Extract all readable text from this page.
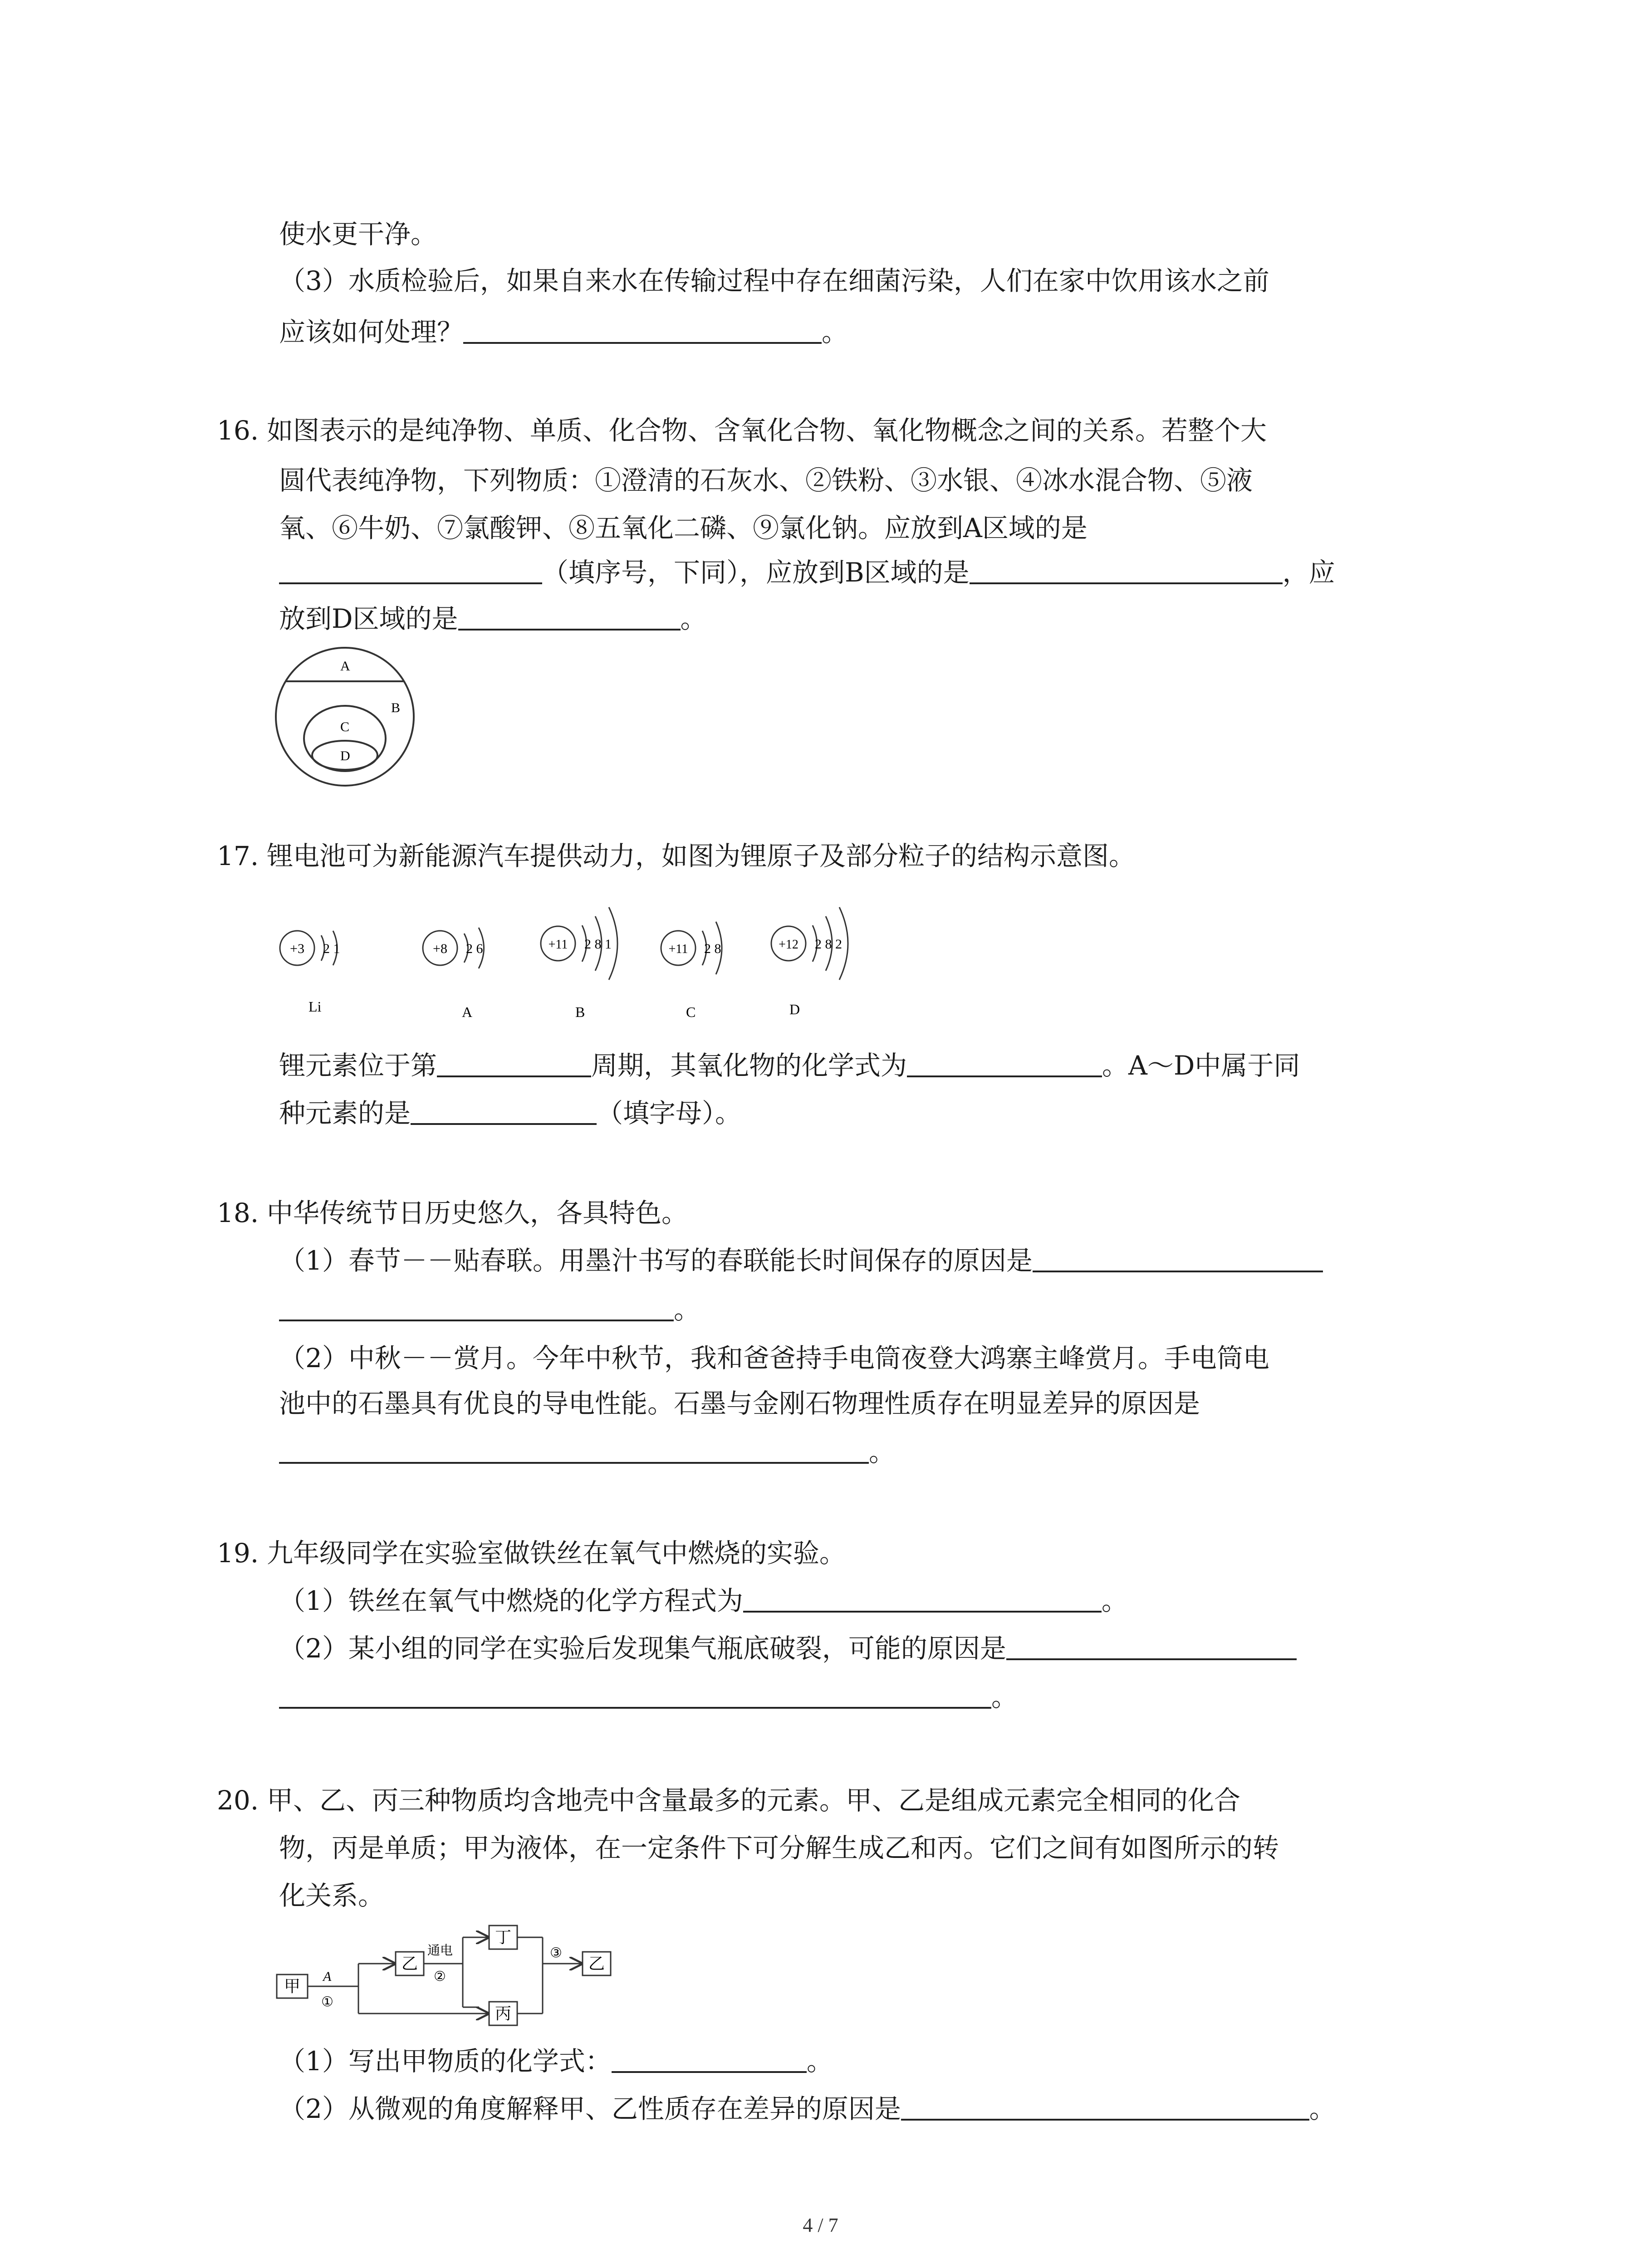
使水更干净。
（3）水质检验后，如果自来水在传输过程中存在细菌污染，人们在家中饮用该水之前
应该如何处理？	。
16. 如图表示的是纯净物、单质、化合物、含氧化合物、氧化物概念之间的关系。若整个大
圆代表纯净物，下列物质：①澄清的石灰水、②铁粉、③水银、④冰水混合物、⑤液
氧、⑥牛奶、⑦氯酸钾、⑧五氧化二磷、⑨氯化钠。应放到A区域的是
（填序号，下同），应放到B区域的是	，应
放到D区域的是	。
A
B
C
D
17. 锂电池可为新能源汽车提供动力，如图为锂原子及部分粒子的结构示意图。
+3 2 1
Li
+8 2 6
A
+11 2 8 1
B
+11 2 8
C
+12 2 8 2
D
锂元素位于第	周期，其氧化物的化学式为	。A～D中属于同
种元素的是	（填字母）。
18. 中华传统节日历史悠久，各具特色。
（1）春节－－贴春联。用墨汁书写的春联能长时间保存的原因是
。
（2）中秋－－赏月。今年中秋节，我和爸爸持手电筒夜登大鸿寨主峰赏月。手电筒电
池中的石墨具有优良的导电性能。石墨与金刚石物理性质存在明显差异的原因是
。
19. 九年级同学在实验室做铁丝在氧气中燃烧的实验。
（1）铁丝在氧气中燃烧的化学方程式为	。
（2）某小组的同学在实验后发现集气瓶底破裂，可能的原因是
。
20. 甲、乙、丙三种物质均含地壳中含量最多的元素。甲、乙是组成元素完全相同的化合
物，丙是单质；甲为液体，在一定条件下可分解生成乙和丙。它们之间有如图所示的转
化关系。
甲
乙
丁
丙
乙
A
①
通电
②
③
（1）写出甲物质的化学式：	。
（2）从微观的角度解释甲、乙性质存在差异的原因是	。
4 / 7
